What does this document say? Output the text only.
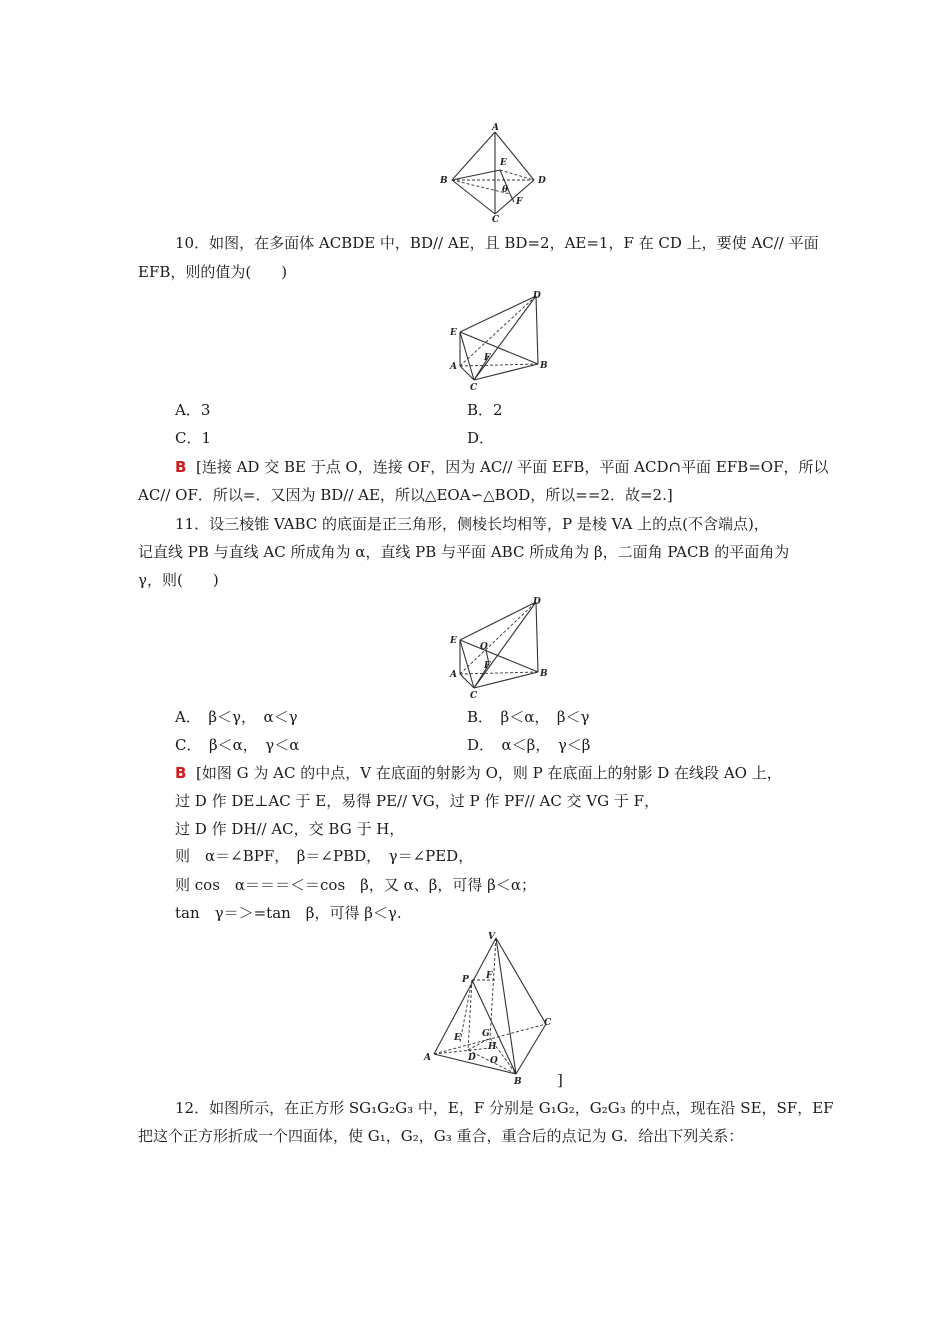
A
E
B	D
θ
F
C
10．如图，在多面体 ACBDE 中，BD// AE，且 BD=2，AE=1，F 在 CD 上，要使 AC// 平面
EFB，则的值为(　　)
D
E
F
A	B
C
A．3	B．2
C．1	D．
B [连接 AD 交 BE 于点 O，连接 OF，因为 AC// 平面 EFB，平面 ACD∩平面 EFB=OF，所以
AC// OF．所以=．又因为 BD// AE，所以△EOA∽△BOD，所以==2．故=2.]
11．设三棱锥 VABC 的底面是正三角形，侧棱长均相等，P 是棱 VA 上的点(不含端点)，
记直线 PB 与直线 AC 所成角为 α，直线 PB 与平面 ABC 所成角为 β，二面角 PACB 的平面角为
γ，则(　　)
D
E
O
F
A	B
C
A．　β＜γ，　α＜γ	B．　β＜α，　β＜γ
C．　β＜α，　γ＜α	D．　α＜β，　γ＜β
B [如图 G 为 AC 的中点，V 在底面的射影为 O，则 P 在底面上的射影 D 在线段 AO 上，
过 D 作 DE⊥AC 于 E，易得 PE// VG，过 P 作 PF// AC 交 VG 于 F，
过 D 作 DH// AC，交 BG 于 H，
则　α＝∠BPF，　β＝∠PBD，　γ＝∠PED，
则 cos　α＝＝＝＜＝cos　β，又 α、β，可得 β＜α；
tan　γ＝＞=tan　β，可得 β＜γ.
V
P F
E G
H
A	D O
C
B ]
12．如图所示，在正方形 SG₁G₂G₃ 中，E，F 分别是 G₁G₂，G₂G₃ 的中点，现在沿 SE，SF，EF
把这个正方形折成一个四面体，使 G₁，G₂，G₃ 重合，重合后的点记为 G．给出下列关系：
